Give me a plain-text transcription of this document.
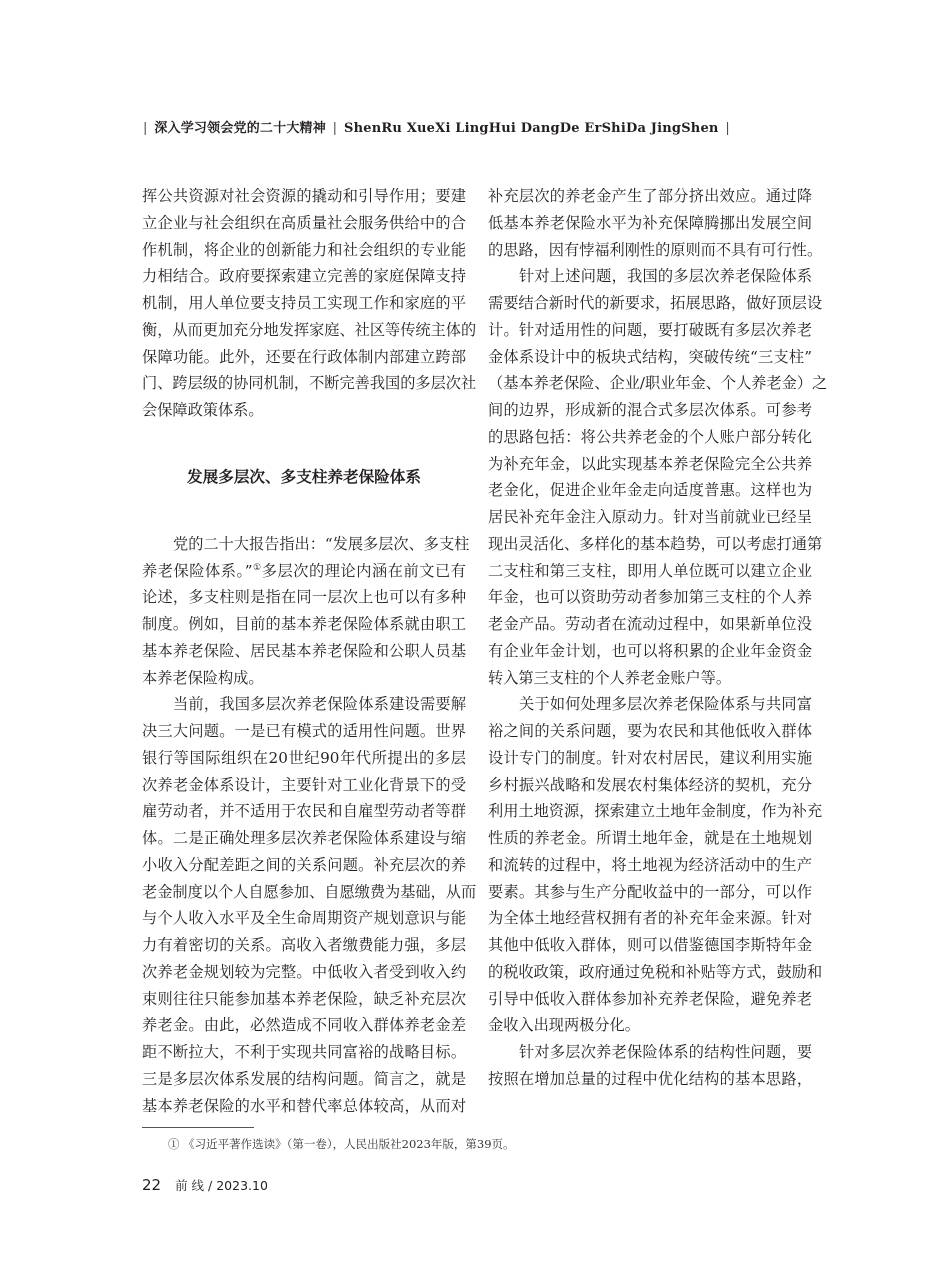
| 深入学习领会党的二十大精神 | ShenRu XueXi LingHui DangDe ErShiDa JingShen |
挥公共资源对社会资源的撬动和引导作用；要建
立企业与社会组织在高质量社会服务供给中的合
作机制，将企业的创新能力和社会组织的专业能
力相结合。政府要探索建立完善的家庭保障支持
机制，用人单位要支持员工实现工作和家庭的平
衡，从而更加充分地发挥家庭、社区等传统主体的
保障功能。此外，还要在行政体制内部建立跨部
门、跨层级的协同机制，不断完善我国的多层次社
会保障政策体系。
发展多层次、多支柱养老保险体系
党的二十大报告指出：“发展多层次、多支柱
养老保险体系。”①多层次的理论内涵在前文已有
论述，多支柱则是指在同一层次上也可以有多种
制度。例如，目前的基本养老保险体系就由职工
基本养老保险、居民基本养老保险和公职人员基
本养老保险构成。
当前，我国多层次养老保险体系建设需要解
决三大问题。一是已有模式的适用性问题。世界
银行等国际组织在20世纪90年代所提出的多层
次养老金体系设计，主要针对工业化背景下的受
雇劳动者，并不适用于农民和自雇型劳动者等群
体。二是正确处理多层次养老保险体系建设与缩
小收入分配差距之间的关系问题。补充层次的养
老金制度以个人自愿参加、自愿缴费为基础，从而
与个人收入水平及全生命周期资产规划意识与能
力有着密切的关系。高收入者缴费能力强，多层
次养老金规划较为完整。中低收入者受到收入约
束则往往只能参加基本养老保险，缺乏补充层次
养老金。由此，必然造成不同收入群体养老金差
距不断拉大，不利于实现共同富裕的战略目标。
三是多层次体系发展的结构问题。简言之，就是
基本养老保险的水平和替代率总体较高，从而对
补充层次的养老金产生了部分挤出效应。通过降
低基本养老保险水平为补充保障腾挪出发展空间
的思路，因有悖福利刚性的原则而不具有可行性。
针对上述问题，我国的多层次养老保险体系
需要结合新时代的新要求，拓展思路，做好顶层设
计。针对适用性的问题，要打破既有多层次养老
金体系设计中的板块式结构，突破传统“三支柱”
（基本养老保险、企业/职业年金、个人养老金）之
间的边界，形成新的混合式多层次体系。可参考
的思路包括：将公共养老金的个人账户部分转化
为补充年金，以此实现基本养老保险完全公共养
老金化，促进企业年金走向适度普惠。这样也为
居民补充年金注入原动力。针对当前就业已经呈
现出灵活化、多样化的基本趋势，可以考虑打通第
二支柱和第三支柱，即用人单位既可以建立企业
年金，也可以资助劳动者参加第三支柱的个人养
老金产品。劳动者在流动过程中，如果新单位没
有企业年金计划，也可以将积累的企业年金资金
转入第三支柱的个人养老金账户等。
关于如何处理多层次养老保险体系与共同富
裕之间的关系问题，要为农民和其他低收入群体
设计专门的制度。针对农村居民，建议利用实施
乡村振兴战略和发展农村集体经济的契机，充分
利用土地资源，探索建立土地年金制度，作为补充
性质的养老金。所谓土地年金，就是在土地规划
和流转的过程中，将土地视为经济活动中的生产
要素。其参与生产分配收益中的一部分，可以作
为全体土地经营权拥有者的补充年金来源。针对
其他中低收入群体，则可以借鉴德国李斯特年金
的税收政策，政府通过免税和补贴等方式，鼓励和
引导中低收入群体参加补充养老保险，避免养老
金收入出现两极分化。
针对多层次养老保险体系的结构性问题，要
按照在增加总量的过程中优化结构的基本思路，
① 《习近平著作选读》（第一卷），人民出版社2023年版，第39页。
22 前 线 / 2023.10
